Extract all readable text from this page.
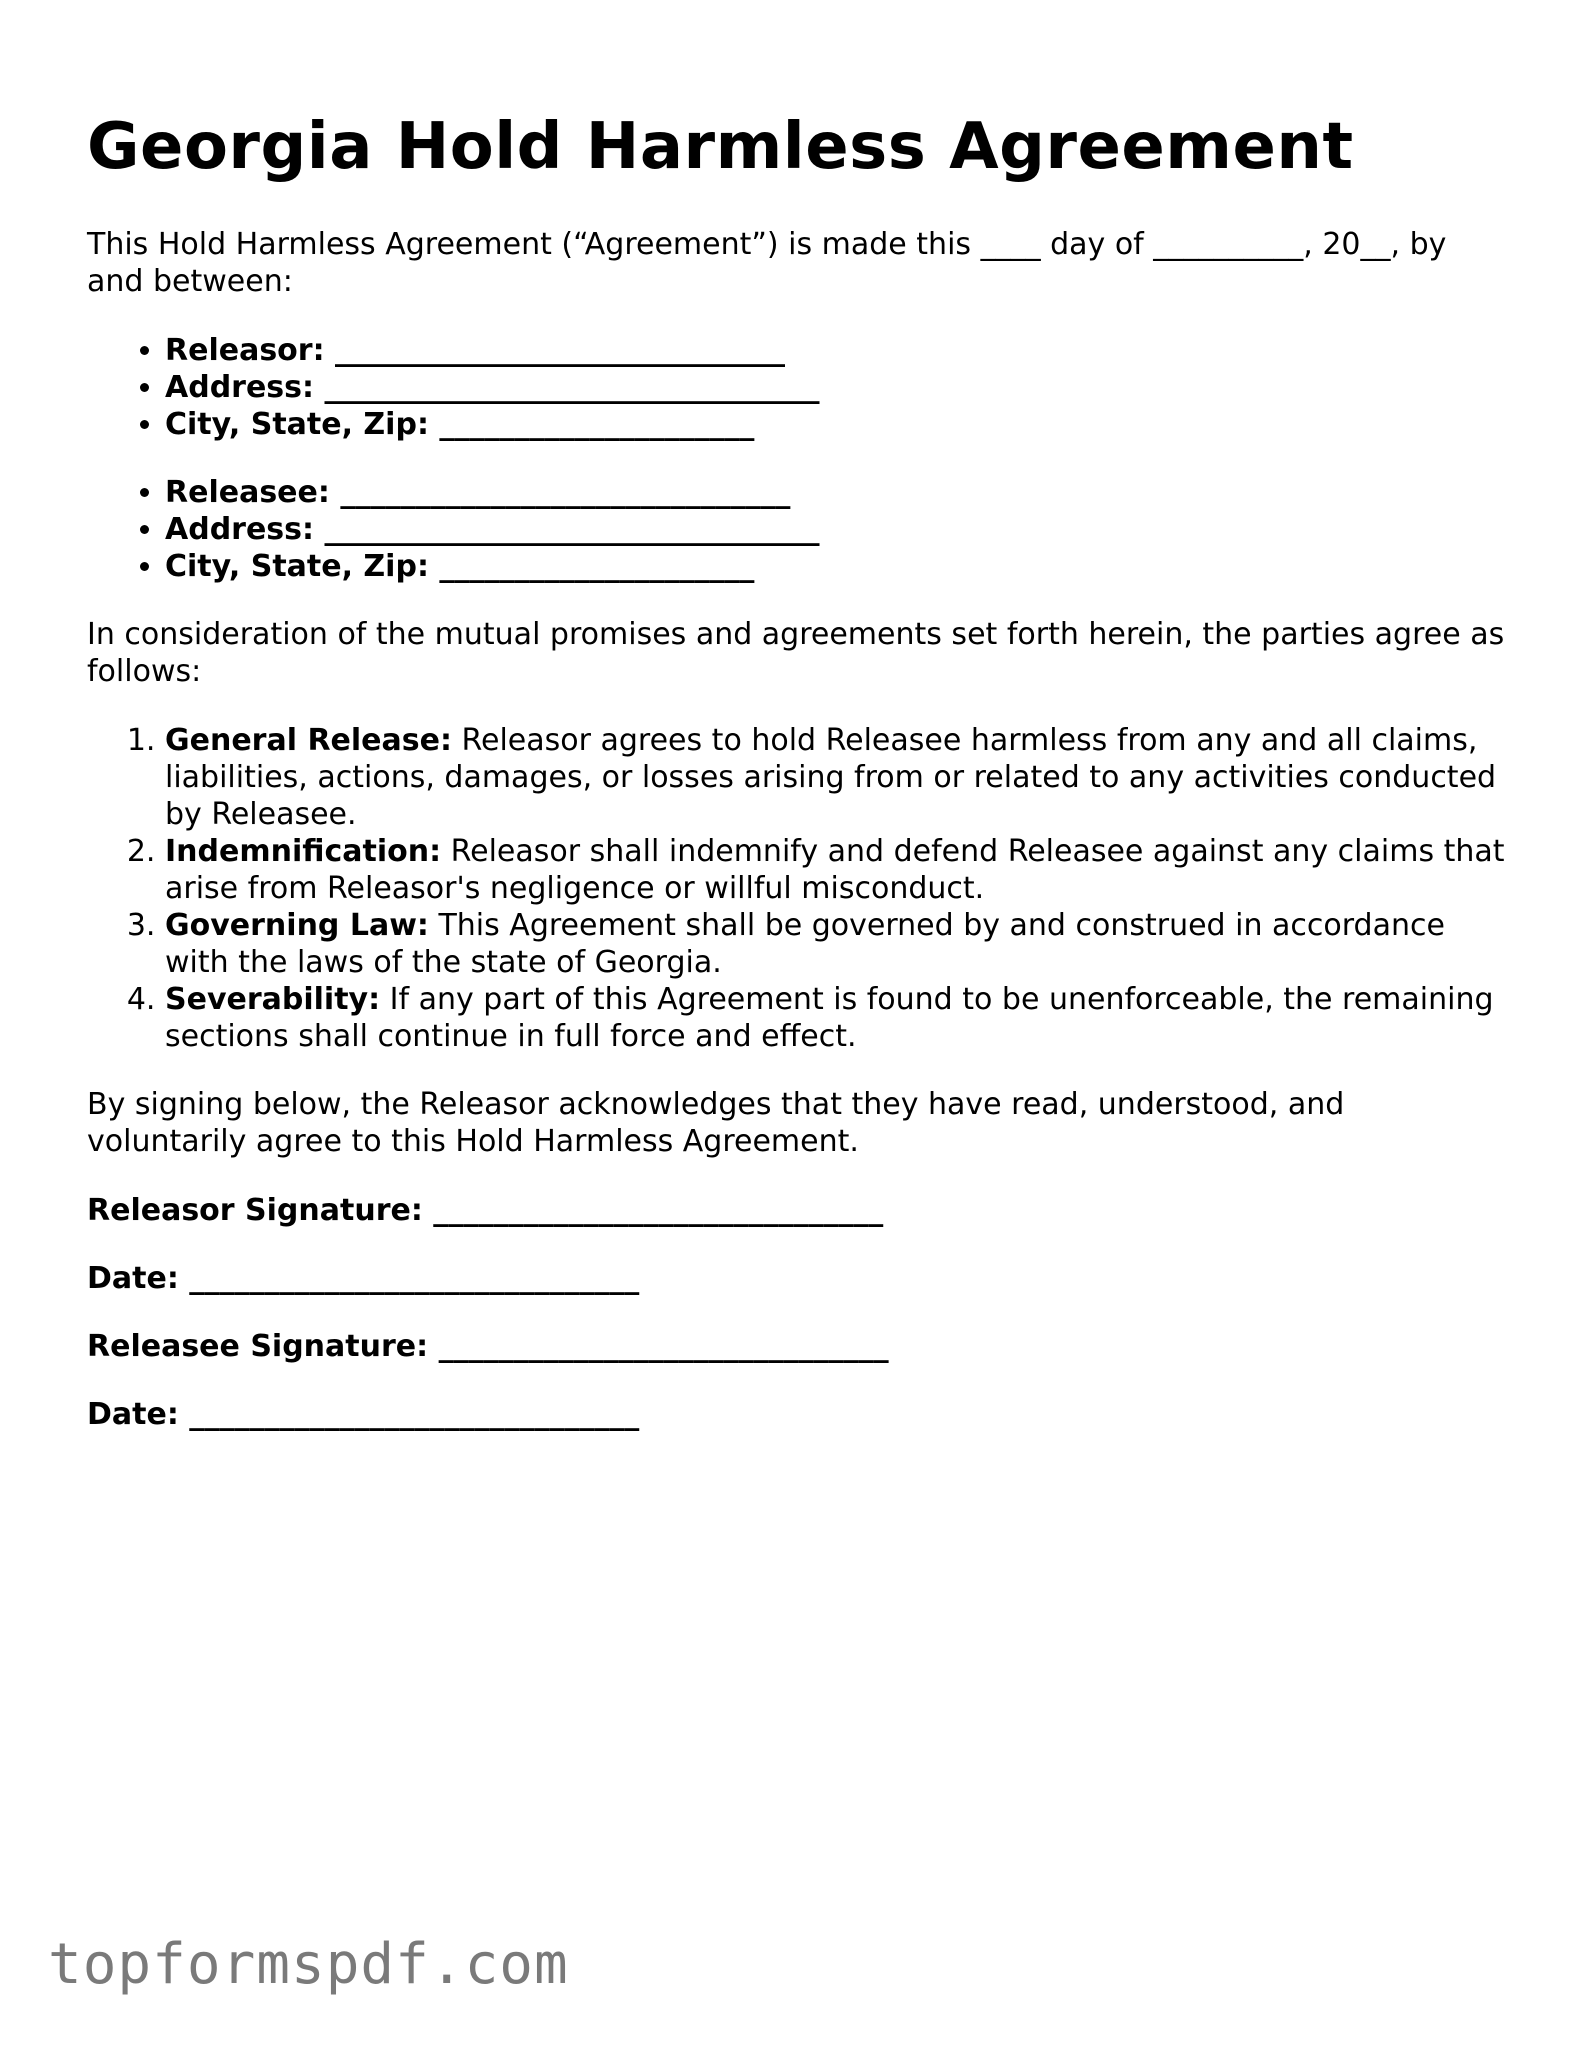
Georgia Hold Harmless Agreement

This Hold Harmless Agreement (“Agreement”) is made this ____ day of __________, 20__, by and between:

• Releasor: ______________________________
• Address: _________________________________
• City, State, Zip: _____________________
• Releasee: ______________________________
• Address: _________________________________
• City, State, Zip: _____________________

In consideration of the mutual promises and agreements set forth herein, the parties agree as follows:

1. General Release: Releasor agrees to hold Releasee harmless from any and all claims, liabilities, actions, damages, or losses arising from or related to any activities conducted by Releasee.
2. Indemnification: Releasor shall indemnify and defend Releasee against any claims that arise from Releasor's negligence or willful misconduct.
3. Governing Law: This Agreement shall be governed by and construed in accordance with the laws of the state of Georgia.
4. Severability: If any part of this Agreement is found to be unenforceable, the remaining sections shall continue in full force and effect.

By signing below, the Releasor acknowledges that they have read, understood, and voluntarily agree to this Hold Harmless Agreement.

Releasor Signature: ______________________________

Date: ______________________________

Releasee Signature: ______________________________

Date: ______________________________

topformspdf.com
